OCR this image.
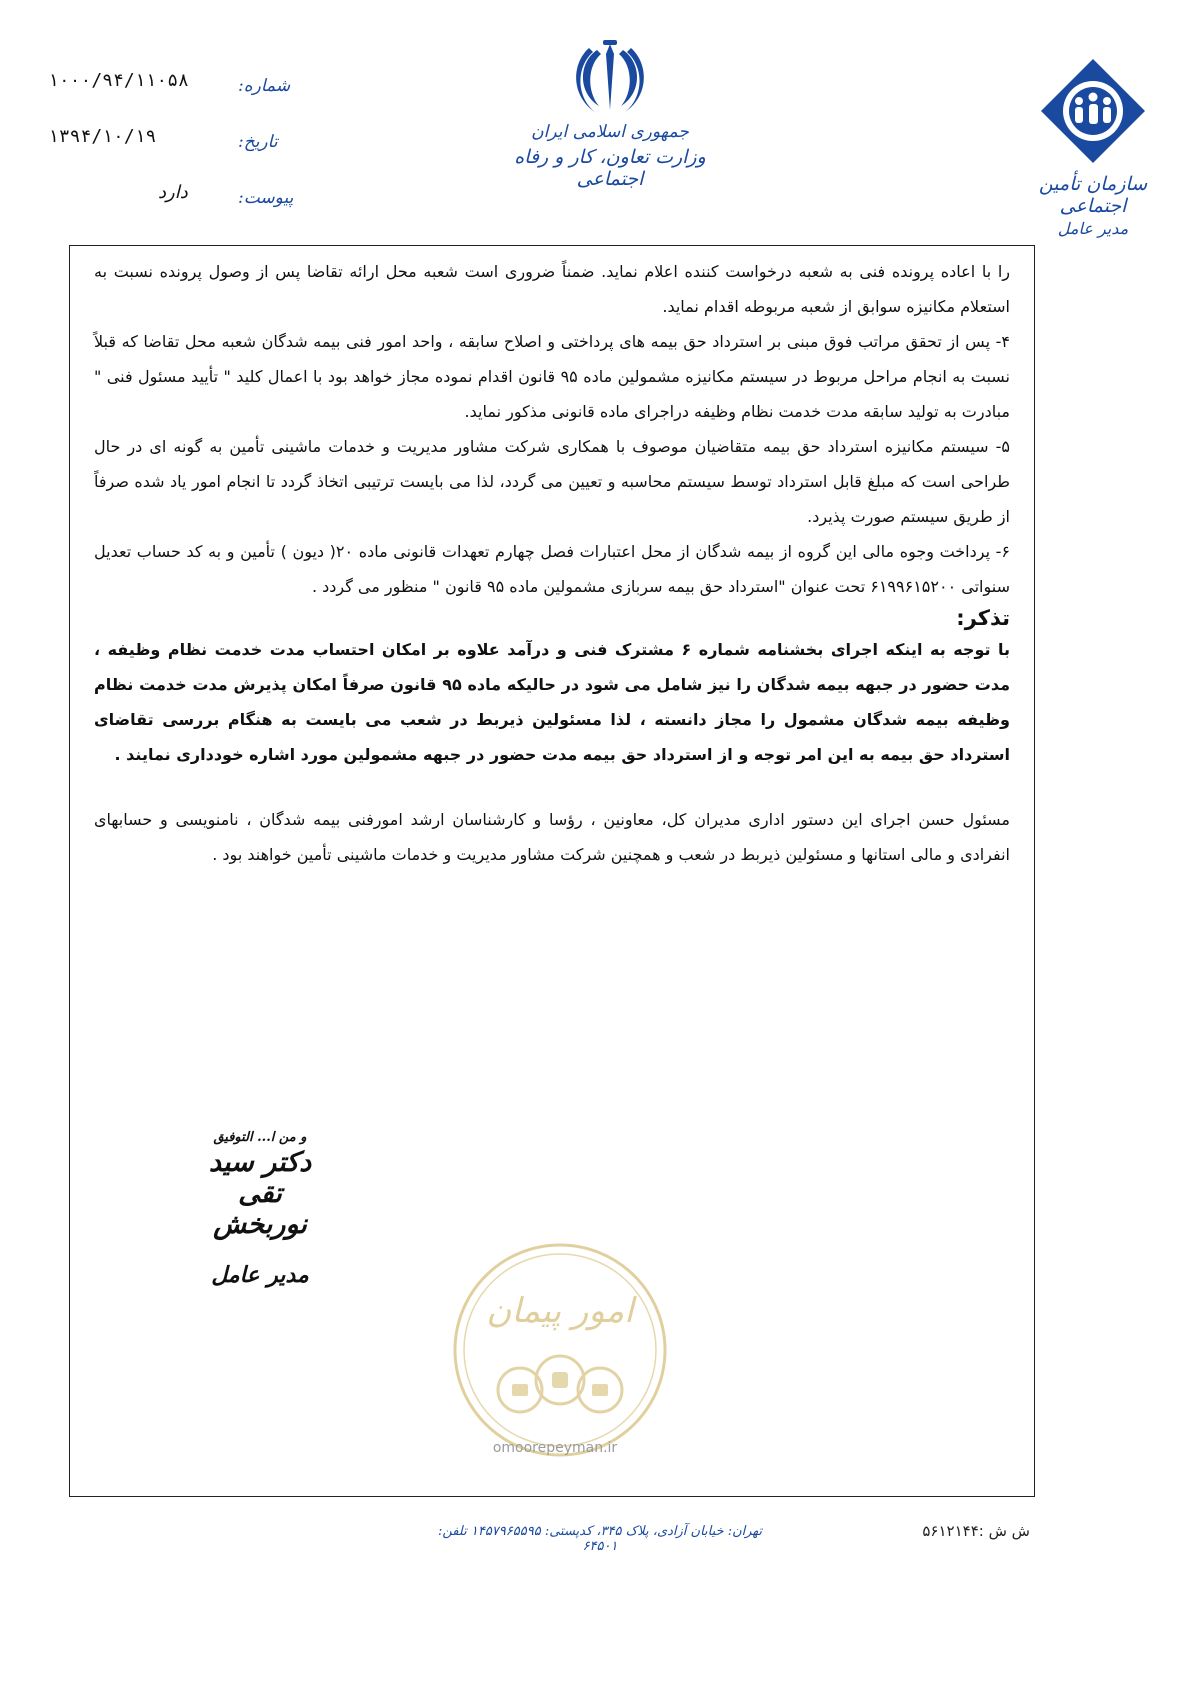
۱۰۰۰/۹۴/۱۱۰۵۸	شماره:
۱۳۹۴/۱۰/۱۹	تاریخ:
دارد	پیوست:
جمهوری اسلامی ایران
وزارت تعاون، کار و رفاه اجتماعی	سازمان تأمین اجتماعی
مدیر عامل

را با اعاده پرونده فنی به شعبه درخواست کننده اعلام نماید. ضمناً ضروری است شعبه محل ارائه تقاضا پس از وصول پرونده نسبت به استعلام مکانیزه سوابق از شعبه مربوطه اقدام نماید.

۴- پس از تحقق مراتب فوق مبنی بر استرداد حق بیمه های پرداختی و اصلاح سابقه ، واحد امور فنی بیمه شدگان شعبه محل تقاضا که قبلاً نسبت به انجام مراحل مربوط در سیستم مکانیزه مشمولین ماده ۹۵ قانون اقدام نموده مجاز خواهد بود با اعمال کلید " تأیید مسئول فنی " مبادرت به تولید سابقه مدت خدمت نظام وظیفه دراجرای ماده قانونی مذکور نماید.

۵- سیستم مکانیزه استرداد حق بیمه متقاضیان موصوف با همکاری شرکت مشاور مدیریت و خدمات ماشینی تأمین به گونه ای در حال طراحی است که مبلغ قابل استرداد توسط سیستم محاسبه و تعیین می گردد، لذا می بایست ترتیبی اتخاذ گردد تا انجام امور یاد شده صرفاً از طریق سیستم صورت پذیرد.

۶- پرداخت وجوه مالی این گروه از بیمه شدگان از محل اعتبارات فصل چهارم تعهدات قانونی ماده ۲۰( دیون ) تأمین و به کد حساب تعدیل سنواتی ۶۱۹۹۶۱۵۲۰۰ تحت عنوان "استرداد حق بیمه سربازی مشمولین ماده ۹۵ قانون " منظور می گردد .

تذکر:

با توجه به اینکه اجرای بخشنامه شماره ۶ مشترک فنی و درآمد علاوه بر امکان احتساب مدت خدمت نظام وظیفه ، مدت حضور در جبهه بیمه شدگان را نیز شامل می شود در حالیکه ماده ۹۵ قانون صرفاً امکان پذیرش مدت خدمت نظام وظیفه بیمه شدگان مشمول را مجاز دانسته ، لذا مسئولین ذیربط در شعب می بایست به هنگام بررسی تقاضای استرداد حق بیمه به این امر توجه و از استرداد حق بیمه مدت حضور در جبهه مشمولین مورد اشاره خودداری نمایند .

مسئول حسن اجرای این دستور اداری مدیران کل، معاونین ، رؤسا و کارشناسان ارشد امورفنی بیمه شدگان ، نامنویسی و حسابهای انفرادی و مالی استانها و مسئولین ذیربط در شعب و همچنین شرکت مشاور مدیریت و خدمات ماشینی تأمین خواهند بود .

و من ا... التوفیق
دکتر سید تقی نوربخش
مدیر عامل
امور پیمان
omoorepeyman.ir
تهران: خیابان آزادی، پلاک ۳۴۵، کدپستی: ۱۴۵۷۹۶۵۵۹۵ تلفن: ۶۴۵۰۱
ش ش :۵۶۱۲۱۴۴
